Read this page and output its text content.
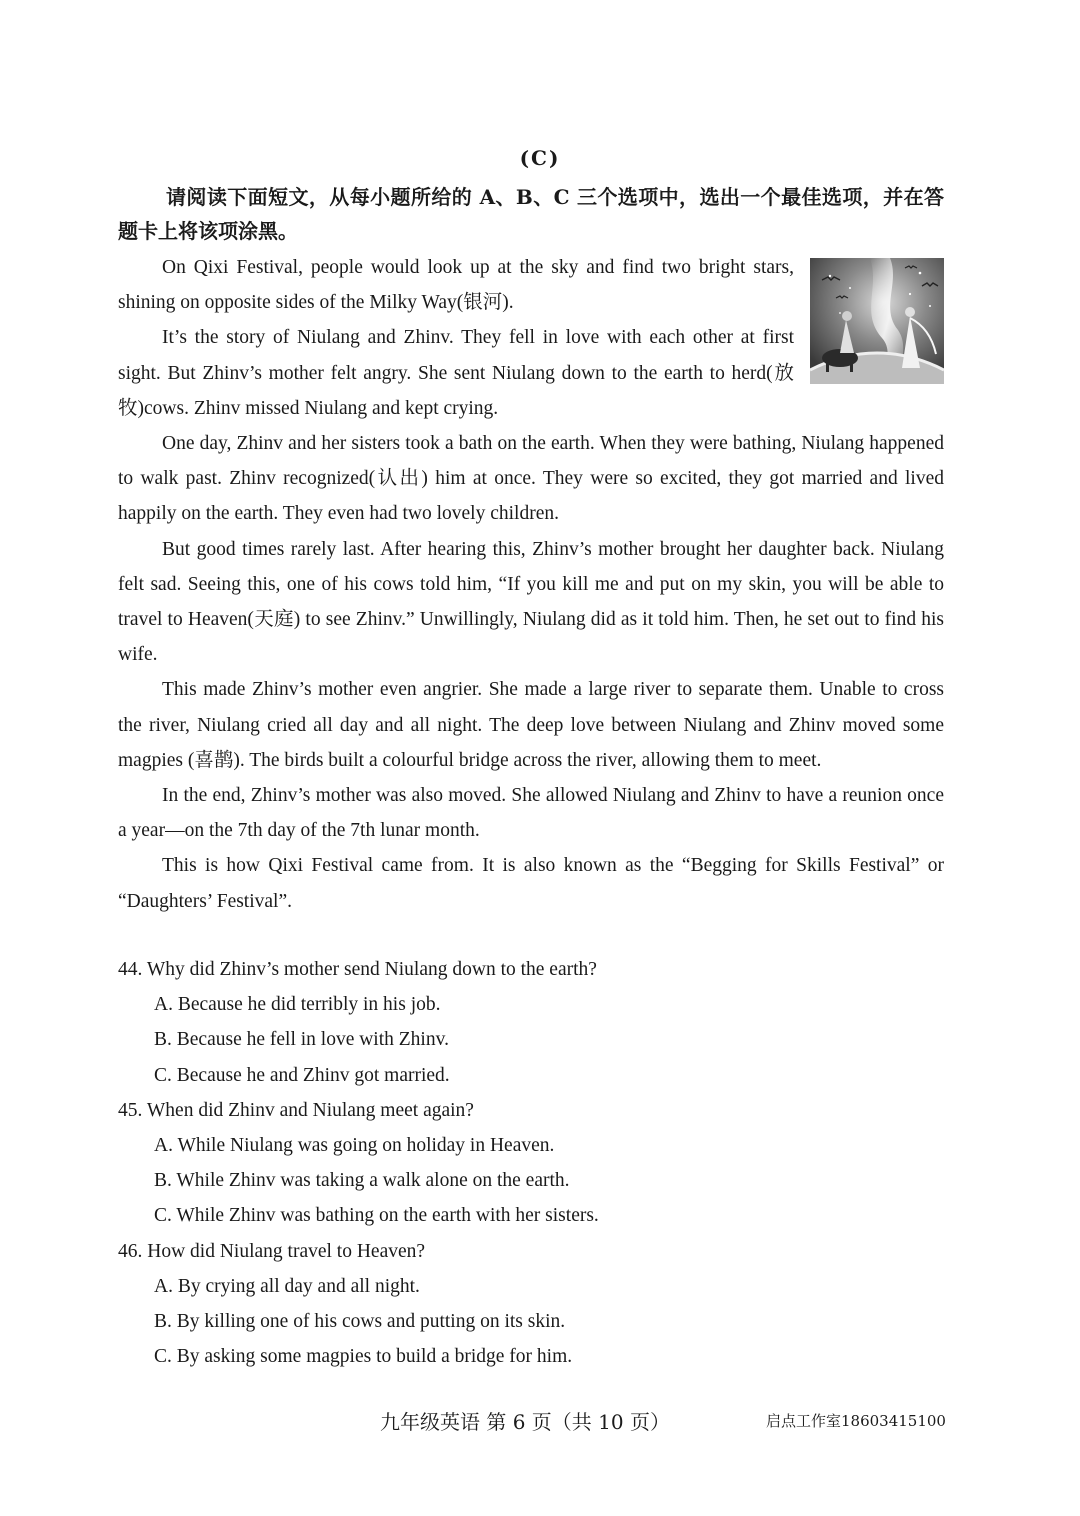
(C)
请阅读下面短文，从每小题所给的 A、B、C 三个选项中，选出一个最佳选项，并在答题卡上将该项涂黑。

On Qixi Festival, people would look up at the sky and find two bright stars, shining on opposite sides of the Milky Way(银河).

It’s the story of Niulang and Zhinv. They fell in love with each other at first sight. But Zhinv’s mother felt angry. She sent Niulang down to the earth to herd(放牧)cows. Zhinv missed Niulang and kept crying.

One day, Zhinv and her sisters took a bath on the earth. When they were bathing, Niulang happened to walk past. Zhinv recognized(认出) him at once. They were so excited, they got married and lived happily on the earth. They even had two lovely children.

But good times rarely last. After hearing this, Zhinv’s mother brought her daughter back. Niulang felt sad. Seeing this, one of his cows told him, “If you kill me and put on my skin, you will be able to travel to Heaven(天庭) to see Zhinv.” Unwillingly, Niulang did as it told him. Then, he set out to find his wife.

This made Zhinv’s mother even angrier. She made a large river to separate them. Unable to cross the river, Niulang cried all day and all night. The deep love between Niulang and Zhinv moved some magpies (喜鹊). The birds built a colourful bridge across the river, allowing them to meet.

In the end, Zhinv’s mother was also moved. She allowed Niulang and Zhinv to have a reunion once a year—on the 7th day of the 7th lunar month.

This is how Qixi Festival came from. It is also known as the “Begging for Skills Festival” or “Daughters’ Festival”.

44. Why did Zhinv’s mother send Niulang down to the earth?

A. Because he did terribly in his job.

B. Because he fell in love with Zhinv.

C. Because he and Zhinv got married.

45. When did Zhinv and Niulang meet again?

A. While Niulang was going on holiday in Heaven.

B. While Zhinv was taking a walk alone on the earth.

C. While Zhinv was bathing on the earth with her sisters.

46. How did Niulang travel to Heaven?

A. By crying all day and all night.

B. By killing one of his cows and putting on its skin.

C. By asking some magpies to build a bridge for him.

九年级英语 第 6 页（共 10 页）	启点工作室18603415100
